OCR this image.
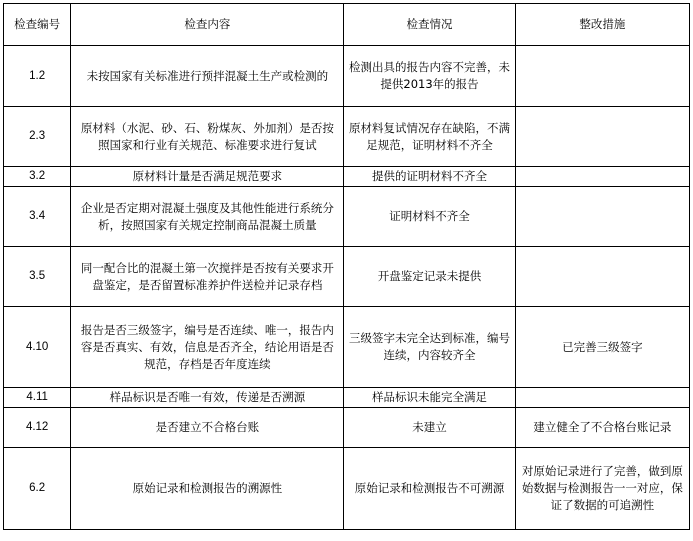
检查编号	检查内容	检查情况	整改措施
1.2	未按国家有关标准进行预拌混凝土生产或检测的	检测出具的报告内容不完善，未提供2013年的报告	
2.3	原材料（水泥、砂、石、粉煤灰、外加剂）是否按照国家和行业有关规范、标准要求进行复试	原材料复试情况存在缺陷，不满足规范，证明材料不齐全	
3.2	原材料计量是否满足规范要求	提供的证明材料不齐全	
3.4	企业是否定期对混凝土强度及其他性能进行系统分析，按照国家有关规定控制商品混凝土质量	证明材料不齐全	
3.5	同一配合比的混凝土第一次搅拌是否按有关要求开盘鉴定，是否留置标准养护件送检并记录存档	开盘鉴定记录未提供	
4.10	报告是否三级签字，编号是否连续、唯一，报告内容是否真实、有效，信息是否齐全，结论用语是否规范，存档是否年度连续	三级签字未完全达到标准，编号连续，内容较齐全	已完善三级签字
4.11	样品标识是否唯一有效，传递是否溯源	样品标识未能完全满足	
4.12	是否建立不合格台账	未建立	建立健全了不合格台账记录
6.2	原始记录和检测报告的溯源性	原始记录和检测报告不可溯源	对原始记录进行了完善，做到原始数据与检测报告一一对应，保证了数据的可追溯性
